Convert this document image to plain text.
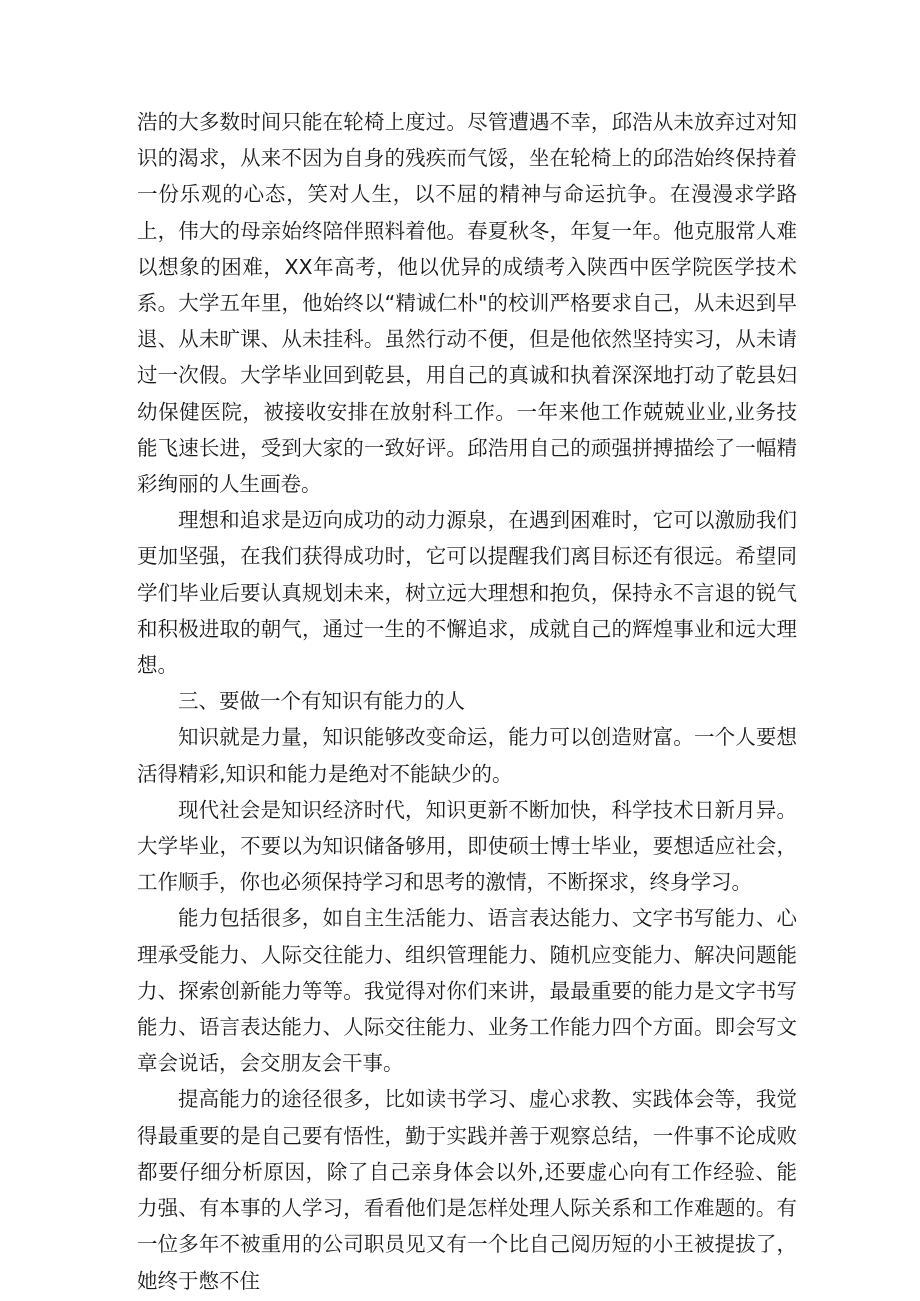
浩的大多数时间只能在轮椅上度过。尽管遭遇不幸，邱浩从未放弃过对知识的渴求，从来不因为自身的残疾而气馁，坐在轮椅上的邱浩始终保持着一份乐观的心态，笑对人生，以不屈的精神与命运抗争。在漫漫求学路上，伟大的母亲始终陪伴照料着他。春夏秋冬，年复一年。他克服常人难以想象的困难，XX年高考，他以优异的成绩考入陕西中医学院医学技术系。大学五年里，他始终以“精诚仁朴"的校训严格要求自己，从未迟到早退、从未旷课、从未挂科。虽然行动不便，但是他依然坚持实习，从未请过一次假。大学毕业回到乾县，用自己的真诚和执着深深地打动了乾县妇幼保健医院，被接收安排在放射科工作。一年来他工作兢兢业业,业务技能飞速长进，受到大家的一致好评。邱浩用自己的顽强拼搏描绘了一幅精彩绚丽的人生画卷。

理想和追求是迈向成功的动力源泉，在遇到困难时，它可以激励我们更加坚强，在我们获得成功时，它可以提醒我们离目标还有很远。希望同学们毕业后要认真规划未来，树立远大理想和抱负，保持永不言退的锐气和积极进取的朝气，通过一生的不懈追求，成就自己的辉煌事业和远大理想。

三、要做一个有知识有能力的人

知识就是力量，知识能够改变命运，能力可以创造财富。一个人要想活得精彩,知识和能力是绝对不能缺少的。

现代社会是知识经济时代，知识更新不断加快，科学技术日新月异。大学毕业，不要以为知识储备够用，即使硕士博士毕业，要想适应社会，工作顺手，你也必须保持学习和思考的激情，不断探求，终身学习。

能力包括很多，如自主生活能力、语言表达能力、文字书写能力、心理承受能力、人际交往能力、组织管理能力、随机应变能力、解决问题能力、探索创新能力等等。我觉得对你们来讲，最最重要的能力是文字书写能力、语言表达能力、人际交往能力、业务工作能力四个方面。即会写文章会说话，会交朋友会干事。

提高能力的途径很多，比如读书学习、虚心求教、实践体会等，我觉得最重要的是自己要有悟性，勤于实践并善于观察总结，一件事不论成败都要仔细分析原因，除了自己亲身体会以外,还要虚心向有工作经验、能力强、有本事的人学习，看看他们是怎样处理人际关系和工作难题的。有一位多年不被重用的公司职员见又有一个比自己阅历短的小王被提拔了，她终于憋不住
